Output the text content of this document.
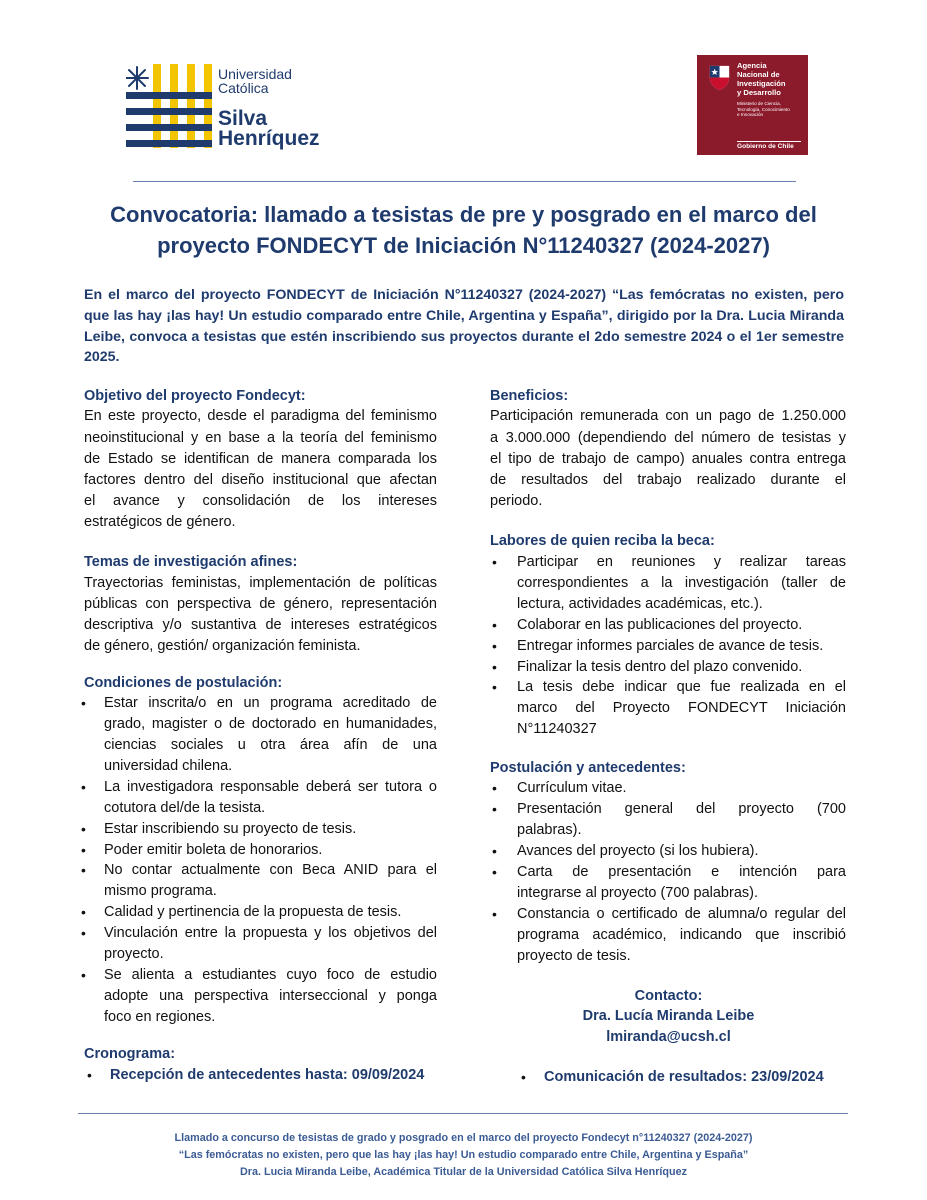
Universidad
Católica
Silva
Henríquez
Agencia
Nacional de
Investigación
y Desarrollo
Ministerio de Ciencia,
Tecnología, Conocimiento
e Innovación
Gobierno de Chile
Convocatoria: llamado a tesistas de pre y posgrado en el marco del
proyecto FONDECYT de Iniciación N°11240327 (2024-2027)
En el marco del proyecto FONDECYT de Iniciación N°11240327 (2024-2027) “Las femócratas no existen, pero
que las hay ¡las hay! Un estudio comparado entre Chile, Argentina y España”, dirigido por la Dra. Lucia Miranda
Leibe, convoca a tesistas que estén inscribiendo sus proyectos durante el 2do semestre 2024 o el 1er semestre
2025.
Objetivo del proyecto Fondecyt:
En este proyecto, desde el paradigma del feminismo
neoinstitucional y en base a la teoría del feminismo
de Estado se identifican de manera comparada los
factores dentro del diseño institucional que afectan
el avance y consolidación de los intereses
estratégicos de género.
Temas de investigación afines:
Trayectorias feministas, implementación de políticas
públicas con perspectiva de género, representación
descriptiva y/o sustantiva de intereses estratégicos
de género, gestión/ organización feminista.
Condiciones de postulación:
• Estar inscrita/o en un programa acreditado de
grado, magister o de doctorado en humanidades,
ciencias sociales u otra área afín de una
universidad chilena.
• La investigadora responsable deberá ser tutora o
cotutora del/de la tesista.
• Estar inscribiendo su proyecto de tesis.
• Poder emitir boleta de honorarios.
• No contar actualmente con Beca ANID para el
mismo programa.
• Calidad y pertinencia de la propuesta de tesis.
• Vinculación entre la propuesta y los objetivos del
proyecto.
• Se alienta a estudiantes cuyo foco de estudio
adopte una perspectiva interseccional y ponga
foco en regiones.
Cronograma:
• Recepción de antecedentes hasta: 09/09/2024	• Comunicación de resultados: 23/09/2024
Beneficios:
Participación remunerada con un pago de 1.250.000
a 3.000.000 (dependiendo del número de tesistas y
el tipo de trabajo de campo) anuales contra entrega
de resultados del trabajo realizado durante el
periodo.
Labores de quien reciba la beca:
• Participar en reuniones y realizar tareas
correspondientes a la investigación (taller de
lectura, actividades académicas, etc.).
• Colaborar en las publicaciones del proyecto.
• Entregar informes parciales de avance de tesis.
• Finalizar la tesis dentro del plazo convenido.
• La tesis debe indicar que fue realizada en el
marco del Proyecto FONDECYT Iniciación
N°11240327
Postulación y antecedentes:
• Currículum vitae.
• Presentación general del proyecto (700
palabras).
• Avances del proyecto (si los hubiera).
• Carta de presentación e intención para
integrarse al proyecto (700 palabras).
• Constancia o certificado de alumna/o regular del
programa académico, indicando que inscribió
proyecto de tesis.
Contacto:
Dra. Lucía Miranda Leibe
lmiranda@ucsh.cl
Llamado a concurso de tesistas de grado y posgrado en el marco del proyecto Fondecyt n°11240327 (2024-2027)
“Las femócratas no existen, pero que las hay ¡las hay! Un estudio comparado entre Chile, Argentina y España”
Dra. Lucia Miranda Leibe, Académica Titular de la Universidad Católica Silva Henríquez
